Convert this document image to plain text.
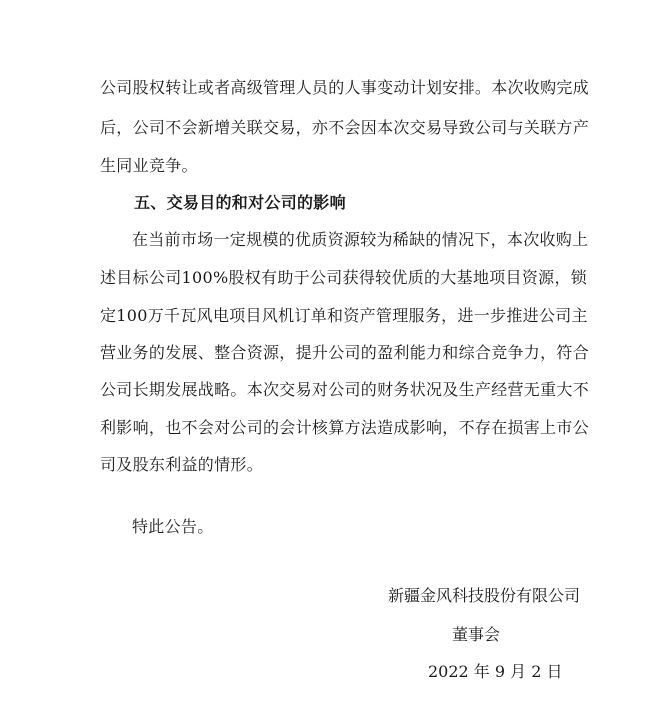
公司股权转让或者高级管理人员的人事变动计划安排。本次收购完成
后，公司不会新增关联交易，亦不会因本次交易导致公司与关联方产
生同业竞争。
五、交易目的和对公司的影响
在当前市场一定规模的优质资源较为稀缺的情况下，本次收购上
述目标公司100%股权有助于公司获得较优质的大基地项目资源，锁
定100万千瓦风电项目风机订单和资产管理服务，进一步推进公司主
营业务的发展、整合资源，提升公司的盈利能力和综合竞争力，符合
公司长期发展战略。本次交易对公司的财务状况及生产经营无重大不
利影响，也不会对公司的会计核算方法造成影响，不存在损害上市公
司及股东利益的情形。
特此公告。
新疆金风科技股份有限公司
董事会
2022 年 9 月 2 日
